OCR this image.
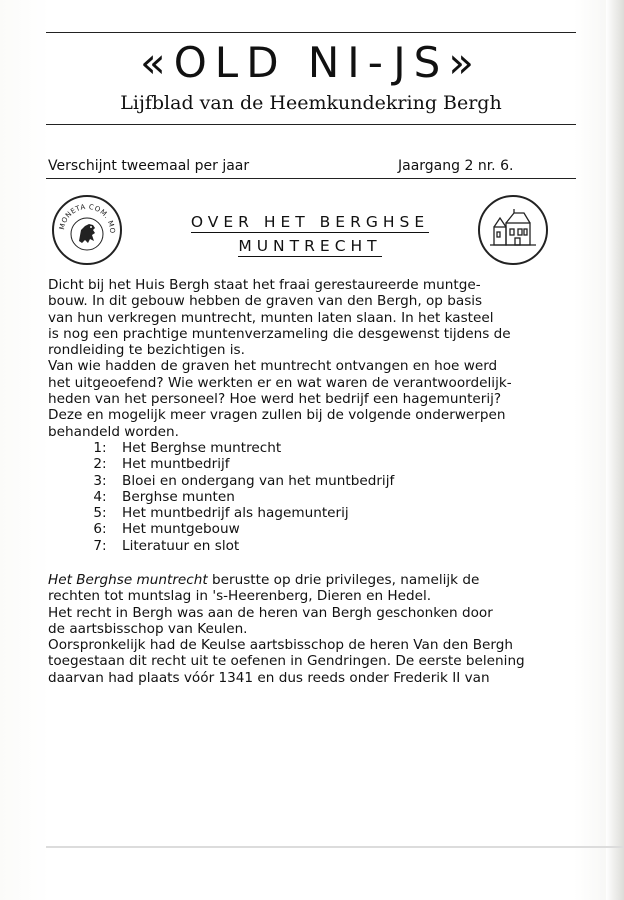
«OLD NI-JS»
Lijfblad van de Heemkundekring Bergh
Verschijnt tweemaal per jaar	Jaargang 2 nr. 6.
MONETA COM. MO	OVER HET BERGHSE
MUNTRECHT

Dicht bij het Huis Bergh staat het fraai gerestaureerde muntge-

bouw. In dit gebouw hebben de graven van den Bergh, op basis

van hun verkregen muntrecht, munten laten slaan. In het kasteel

is nog een prachtige muntenverzameling die desgewenst tijdens de

rondleiding te bezichtigen is.

Van wie hadden de graven het muntrecht ontvangen en hoe werd

het uitgeoefend? Wie werkten er en wat waren de verantwoordelijk-

heden van het personeel? Hoe werd het bedrijf een hagemunterij?

Deze en mogelijk meer vragen zullen bij de volgende onderwerpen

behandeld worden.

1: Het Berghse muntrecht
2: Het muntbedrijf
3: Bloei en ondergang van het muntbedrijf
4: Berghse munten
5: Het muntbedrijf als hagemunterij
6: Het muntgebouw
7: Literatuur en slot

Het Berghse muntrecht berustte op drie privileges, namelijk de

rechten tot muntslag in 's-Heerenberg, Dieren en Hedel.

Het recht in Bergh was aan de heren van Bergh geschonken door

de aartsbisschop van Keulen.

Oorspronkelijk had de Keulse aartsbisschop de heren Van den Bergh

toegestaan dit recht uit te oefenen in Gendringen. De eerste belening

daarvan had plaats vóór 1341 en dus reeds onder Frederik II van
